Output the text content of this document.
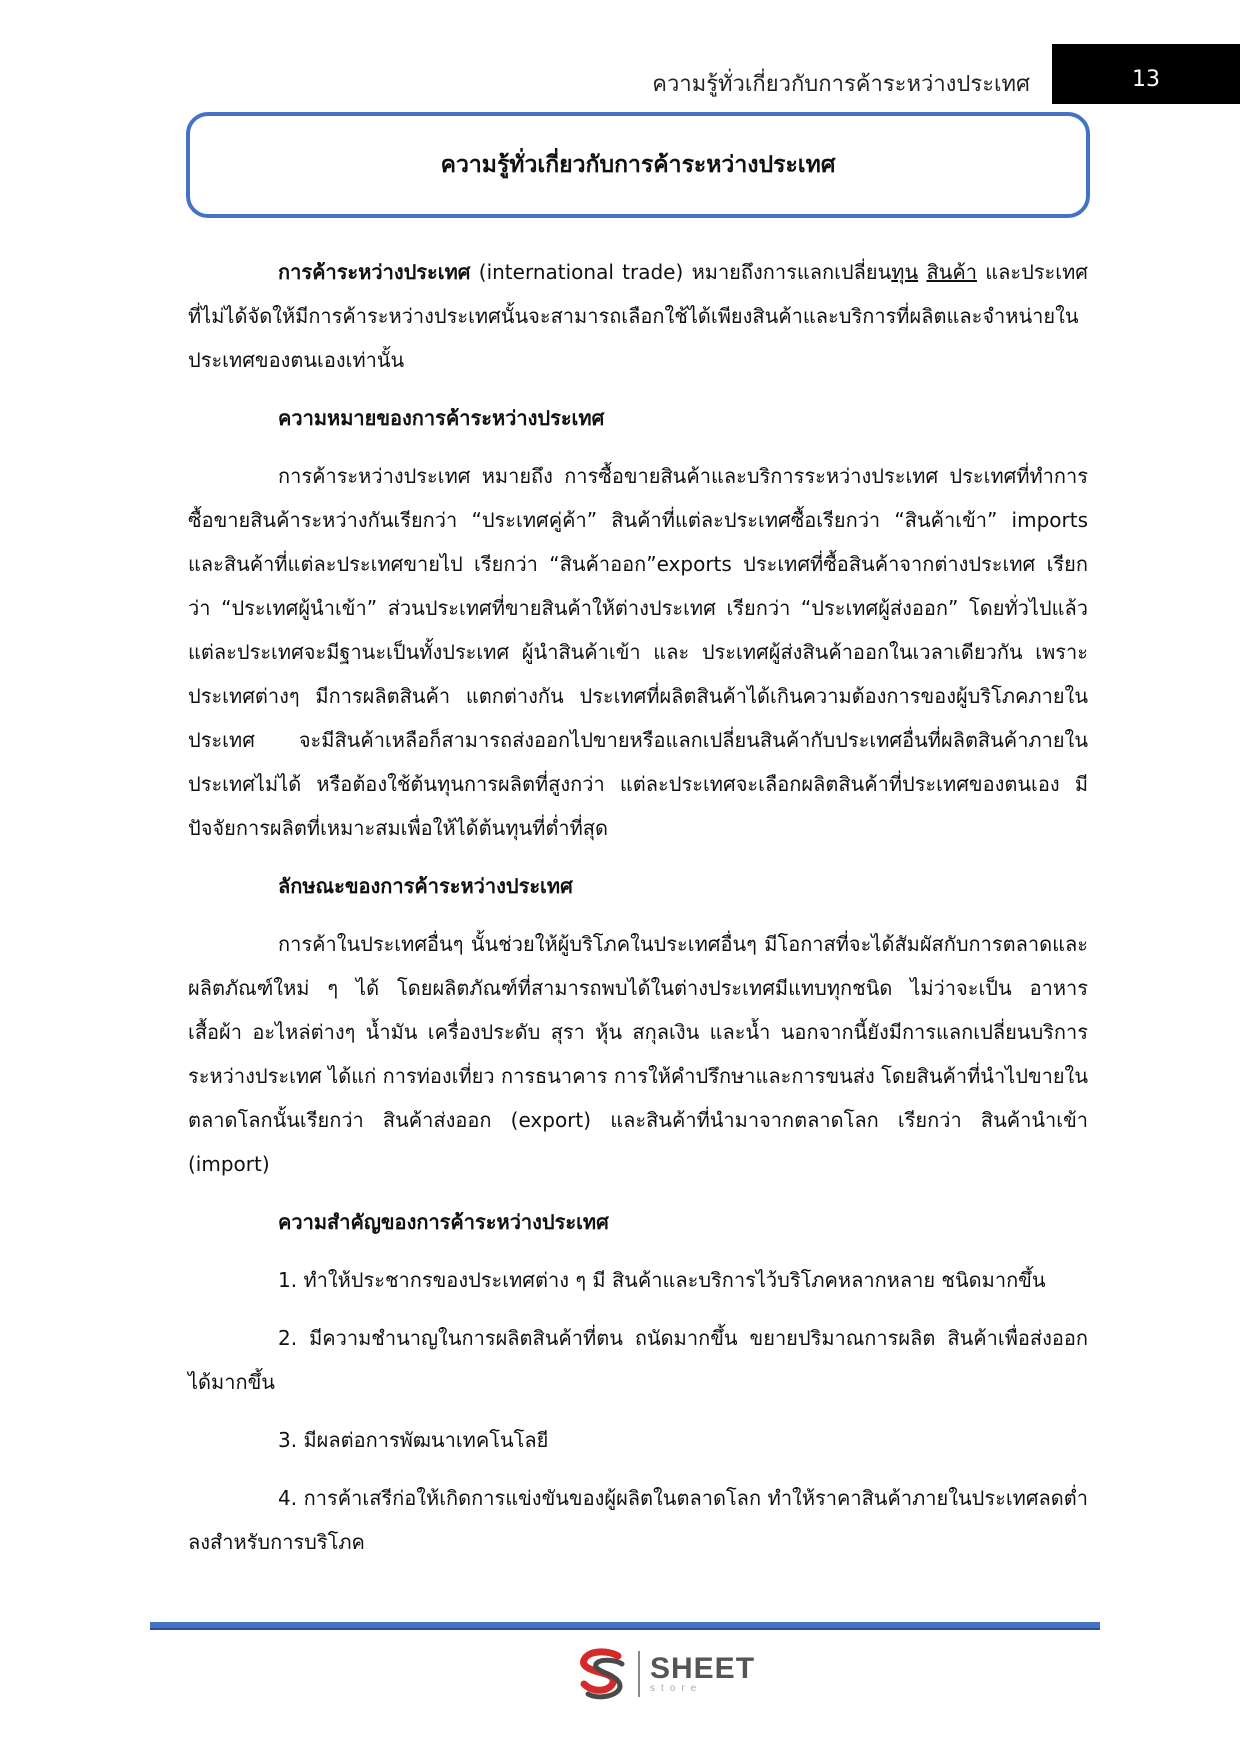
ความรู้ทั่วเกี่ยวกับการค้าระหว่างประเทศ	13
ความรู้ทั่วเกี่ยวกับการค้าระหว่างประเทศ

การค้าระหว่างประเทศ (international trade) หมายถึงการแลกเปลี่ยนทุน สินค้า และประเทศที่ไม่ได้จัดให้มีการค้าระหว่างประเทศนั้นจะสามารถเลือกใช้ได้เพียงสินค้าและบริการที่ผลิตและจำหน่ายในประเทศของตนเองเท่านั้น

ความหมายของการค้าระหว่างประเทศ

การค้าระหว่างประเทศ หมายถึง การซื้อขายสินค้าและบริการระหว่างประเทศ ประเทศที่ทำการซื้อขายสินค้าระหว่างกันเรียกว่า “ประเทศคู่ค้า” สินค้าที่แต่ละประเทศซื้อเรียกว่า “สินค้าเข้า” imports และสินค้าที่แต่ละประเทศขายไป เรียกว่า “สินค้าออก”exports ประเทศที่ซื้อสินค้าจากต่างประเทศ เรียกว่า “ประเทศผู้นำเข้า” ส่วนประเทศที่ขายสินค้าให้ต่างประเทศ เรียกว่า “ประเทศผู้ส่งออก” โดยทั่วไปแล้ว แต่ละประเทศจะมีฐานะเป็นทั้งประเทศ ผู้นำสินค้าเข้า และ ประเทศผู้ส่งสินค้าออกในเวลาเดียวกัน เพราะประเทศต่างๆ มีการผลิตสินค้า แตกต่างกัน ประเทศที่ผลิตสินค้าได้เกินความต้องการของผู้บริโภคภายในประเทศ จะมีสินค้าเหลือก็สามารถส่งออกไปขายหรือแลกเปลี่ยนสินค้ากับประเทศอื่นที่ผลิตสินค้าภายในประเทศไม่ได้ หรือต้องใช้ต้นทุนการผลิตที่สูงกว่า แต่ละประเทศจะเลือกผลิตสินค้าที่ประเทศของตนเอง มีปัจจัยการผลิตที่เหมาะสมเพื่อให้ได้ต้นทุนที่ต่ำที่สุด

ลักษณะของการค้าระหว่างประเทศ

การค้าในประเทศอื่นๆ นั้นช่วยให้ผู้บริโภคในประเทศอื่นๆ มีโอกาสที่จะได้สัมผัสกับการตลาดและผลิตภัณฑ์ใหม่ ๆ ได้ โดยผลิตภัณฑ์ที่สามารถพบได้ในต่างประเทศมีแทบทุกชนิด ไม่ว่าจะเป็น อาหาร เสื้อผ้า อะไหล่ต่างๆ น้ำมัน เครื่องประดับ สุรา หุ้น สกุลเงิน และน้ำ นอกจากนี้ยังมีการแลกเปลี่ยนบริการระหว่างประเทศ ได้แก่ การท่องเที่ยว การธนาคาร การให้คำปรึกษาและการขนส่ง โดยสินค้าที่นำไปขายในตลาดโลกนั้นเรียกว่า สินค้าส่งออก (export) และสินค้าที่นำมาจากตลาดโลก เรียกว่า สินค้านำเข้า (import)

ความสำคัญของการค้าระหว่างประเทศ

1. ทำให้ประชากรของประเทศต่าง ๆ มี สินค้าและบริการไว้บริโภคหลากหลาย ชนิดมากขึ้น

2. มีความชำนาญในการผลิตสินค้าที่ตน ถนัดมากขึ้น ขยายปริมาณการผลิต สินค้าเพื่อส่งออกได้มากขึ้น

3. มีผลต่อการพัฒนาเทคโนโลยี

4. การค้าเสรีก่อให้เกิดการแข่งขันของผู้ผลิตในตลาดโลก ทำให้ราคาสินค้าภายในประเทศลดต่ำลงสำหรับการบริโภค

SHEET
store
